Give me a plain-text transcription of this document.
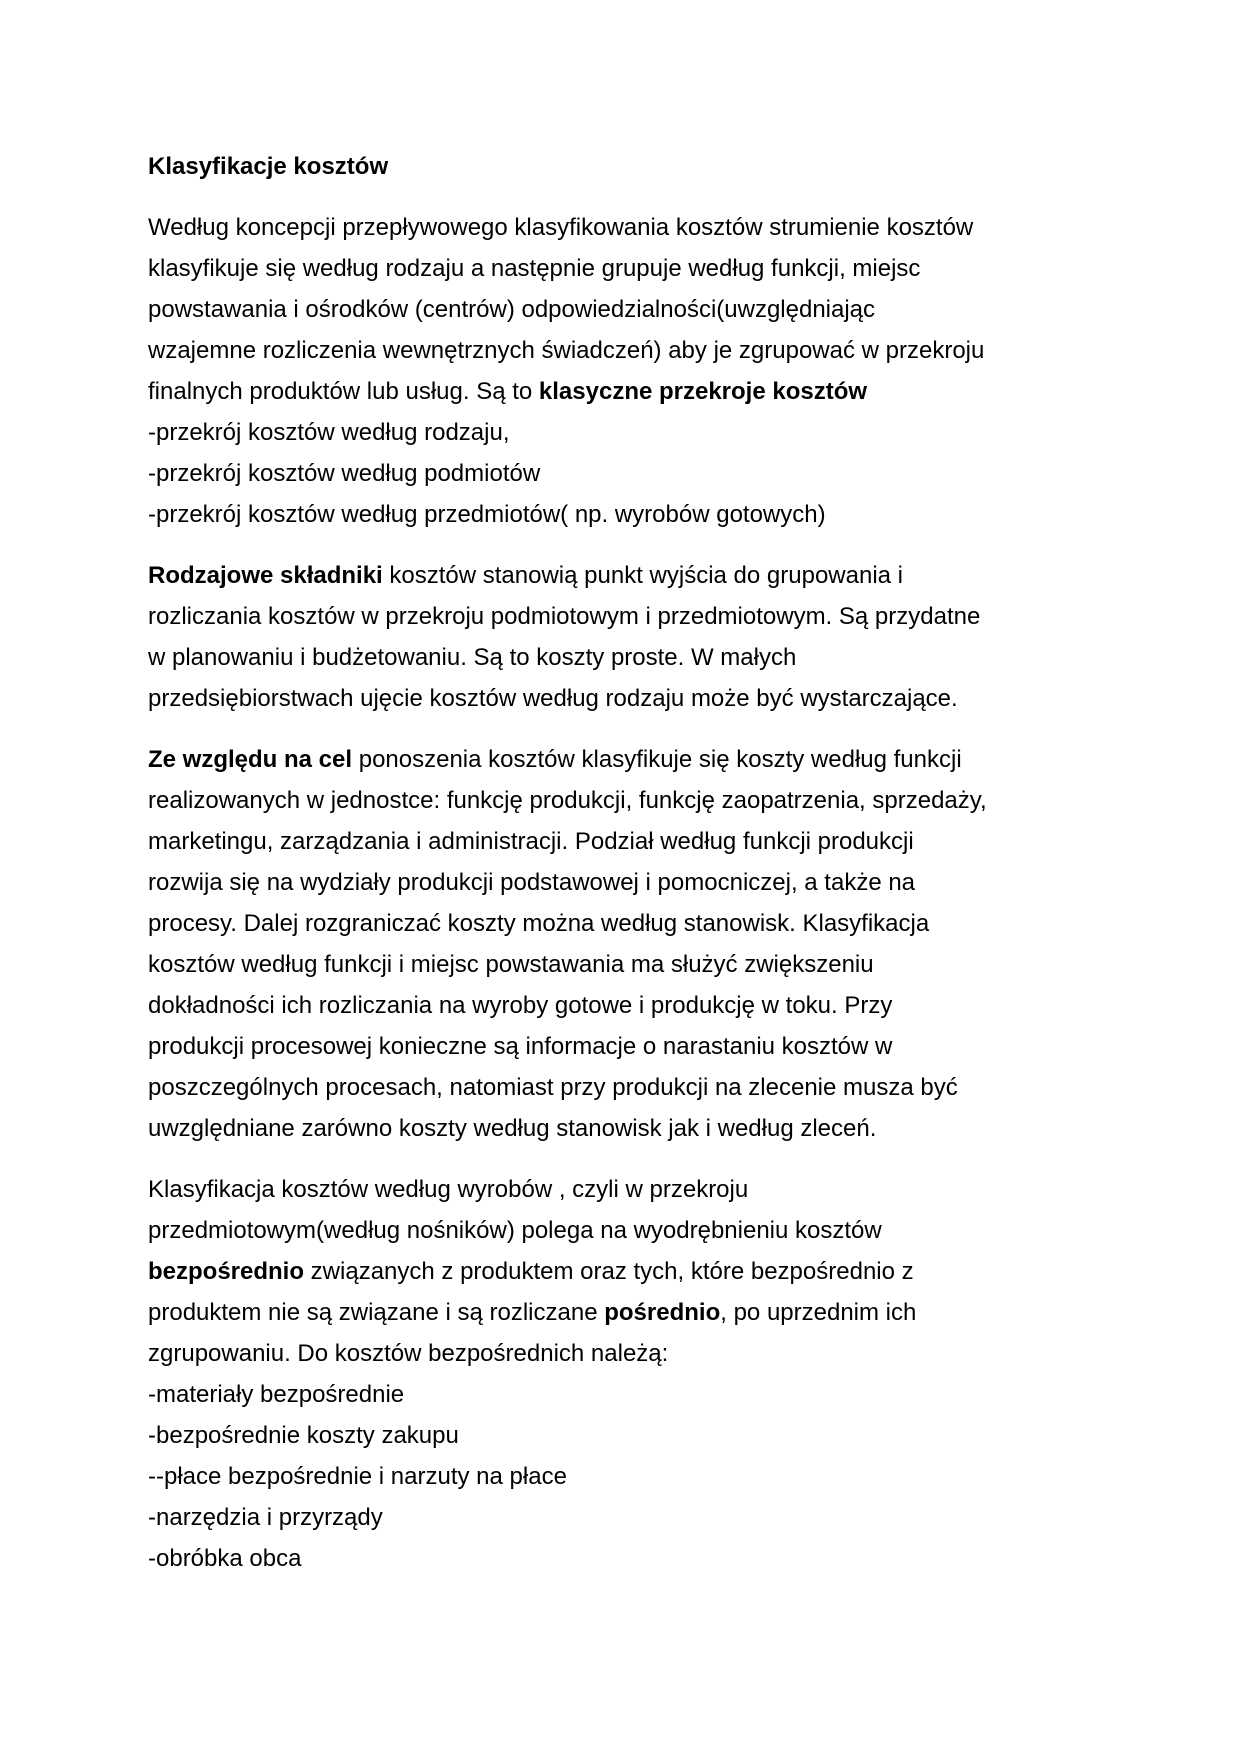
Klasyfikacje kosztów
Według koncepcji przepływowego klasyfikowania kosztów strumienie kosztów
klasyfikuje się według rodzaju a następnie grupuje według funkcji, miejsc
powstawania i ośrodków (centrów) odpowiedzialności(uwzględniając
wzajemne rozliczenia wewnętrznych świadczeń) aby je zgrupować w przekroju
finalnych produktów lub usług. Są to klasyczne przekroje kosztów
-przekrój kosztów według rodzaju,
-przekrój kosztów według podmiotów
-przekrój kosztów według przedmiotów( np. wyrobów gotowych)
Rodzajowe składniki kosztów stanowią punkt wyjścia do grupowania i
rozliczania kosztów w przekroju podmiotowym i przedmiotowym. Są przydatne
w planowaniu i budżetowaniu. Są to koszty proste. W małych
przedsiębiorstwach ujęcie kosztów według rodzaju może być wystarczające.
Ze względu na cel ponoszenia kosztów klasyfikuje się koszty według funkcji
realizowanych w jednostce: funkcję produkcji, funkcję zaopatrzenia, sprzedaży,
marketingu, zarządzania i administracji. Podział według funkcji produkcji
rozwija się na wydziały produkcji podstawowej i pomocniczej, a także na
procesy. Dalej rozgraniczać koszty można według stanowisk. Klasyfikacja
kosztów według funkcji i miejsc powstawania ma służyć zwiększeniu
dokładności ich rozliczania na wyroby gotowe i produkcję w toku. Przy
produkcji procesowej konieczne są informacje o narastaniu kosztów w
poszczególnych procesach, natomiast przy produkcji na zlecenie musza być
uwzględniane zarówno koszty według stanowisk jak i według zleceń.
Klasyfikacja kosztów według wyrobów , czyli w przekroju
przedmiotowym(według nośników) polega na wyodrębnieniu kosztów
bezpośrednio związanych z produktem oraz tych, które bezpośrednio z
produktem nie są związane i są rozliczane pośrednio, po uprzednim ich
zgrupowaniu. Do kosztów bezpośrednich należą:
-materiały bezpośrednie
-bezpośrednie koszty zakupu
--płace bezpośrednie i narzuty na płace
-narzędzia i przyrządy
-obróbka obca
